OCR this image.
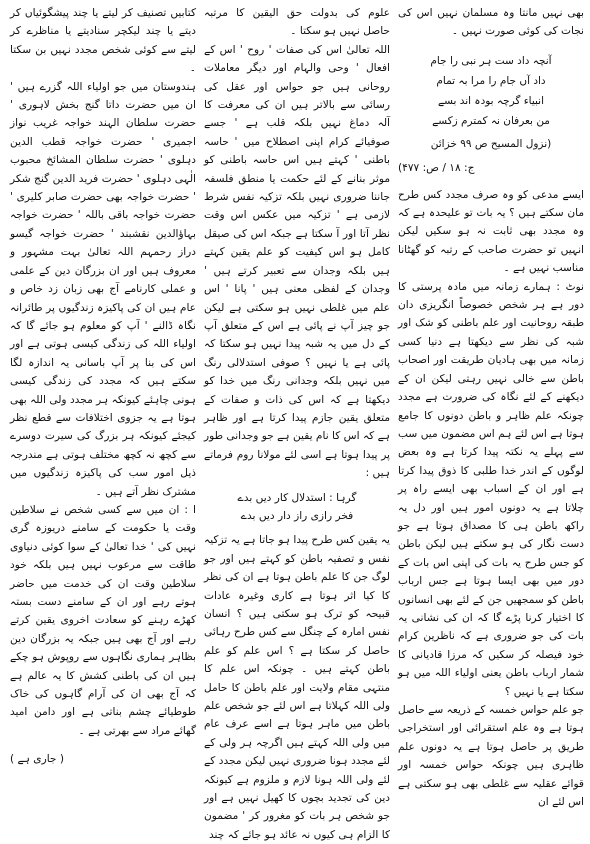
بھی نہیں مانتا وہ مسلمان نہیں اس کی نجات کی کوئی صورت نہیں ۔

آنچہ داد ست ہر نبی را جام
داد آں جام را مرا بہ تمام
انبیاء گرچہ بودہ اند بسے
من بعرفان نہ کمترم زکسے
(نزول المسیح ص ۹۹ خزائن
ج: ۱۸ / ص: ۴۷۷)

ایسے مدعی کو وہ صرف مجدد کس طرح مان سکتے ہیں ؟ یہ بات تو علیحدہ ہے کہ وہ مجدد بھی ثابت نہ ہو سکیں لیکن انہیں تو حضرت صاحب کے رتبہ کو گھٹانا مناسب نہیں ہے ۔

نوٹ : ہمارے زمانہ میں مادہ پرستی کا دور ہے ہر شخص خصوصاً انگریزی دان طبقہ روحانیت اور علم باطنی کو شک اور شبہ کی نظر سے دیکھتا ہے دنیا کسی زمانہ میں بھی ہادیان طریقت اور اصحاب باطن سے خالی نہیں رہتی لیکن ان کے دیکھنے کے لئے نگاہ کی ضرورت ہے مجدد چونکہ علم ظاہر و باطن دونوں کا جامع ہوتا ہے اس لئے ہم اس مضمون میں سب سے پہلے یہ نکتہ پیدا کرتا ہے وہ بعض لوگوں کے اندر خدا طلبی کا ذوق پیدا کرتا ہے اور ان کے اسباب بھی ایسے راہ پر چلاتا ہے یہ دونوں امور ہیں اور دل یہ راکھ باطن ہی کا مصداق ہوتا ہے جو دست نگار کی ہو سکتے ہیں لیکن باطن کو جس طرح یہ بات کی اپنی اس بات کے دور میں بھی ایسا ہوتا ہے جس ارباب باطن کو سمجھیں جن کے لئے بھی انسانوں کا اختیار کرنا پڑے گا کہ ان کی نشانی یہ بات کی جو ضروری ہے کہ ناظرین کرام خود فیصلہ کر سکیں کہ مرزا قادیانی کا شمار ارباب باطن یعنی اولیاء اللہ میں ہو سکتا ہے یا نہیں ؟

جو علم حواس خمسہ کے ذریعہ سے حاصل ہوتا ہے وہ علم استقرائی اور استخراجی طریق پر حاصل ہوتا ہے یہ دونوں علم ظاہری ہیں چونکہ حواس خمسہ اور قوائے عقلیہ سے غلطی بھی ہو سکتی ہے اس لئے ان

علوم کی بدولت حق الیقین کا مرتبہ حاصل نہیں ہو سکتا ۔

اللہ تعالیٰ اس کی صفات ' روح ' اس کے افعال ' وحی والہام اور دیگر معاملات روحانی ہیں جو حواس اور عقل کی رسائی سے بالاتر ہیں ان کی معرفت کا آلہ دماغ نہیں بلکہ قلب ہے ' جسے صوفیائے کرام اپنی اصطلاح میں ' حاسہ باطنی ' کہتے ہیں اس حاسہ باطنی کو موثر بنانے کے لئے حکمت یا منطق فلسفہ جاننا ضروری نہیں بلکہ تزکیہ نفس شرط لازمی ہے ' تزکیہ میں عکس اس وقت نظر آتا اور آ سکتا ہے جبکہ اس کی صیقل کامل ہو اس کیفیت کو علم یقین کہتے ہیں بلکہ وجدان سے تعبیر کرتے ہیں ' وجدان کے لفظی معنی ہیں ' پانا ' اس علم میں غلطی نہیں ہو سکتی ہے لیکن جو چیز آپ نے پائی ہے اس کے متعلق آپ کے دل میں یہ شبہ پیدا نہیں ہو سکتا کہ پائی ہے یا نہیں ؟ صوفی استدلالی رنگ میں نہیں بلکہ وجدانی رنگ میں خدا کو دیکھتا ہے کہ اس کی ذات و صفات کے متعلق یقین جازم پیدا کرتا ہے اور ظاہر ہے کہ اس کا نام یقین ہے جو وجدانی طور پر پیدا ہوتا ہے اسی لئے مولانا روم فرماتے ہیں :

گرہا : استدلال کار دیں بدے
فخر رازی راز دار دیں بدے

یہ یقین کس طرح پیدا ہو جاتا ہے یہ تزکیہ نفس و تصفیہ باطن کو کہتے ہیں اور جو لوگ جن کا علم باطن ہوتا ہے ان کی نظر کا کیا اثر ہوتا ہے کاری وغیرہ عادات قبیحہ کو ترک ہو سکتی ہیں ؟ انسان نفس امارہ کے چنگل سے کس طرح رہائی حاصل کر سکتا ہے ؟ اس علم کو علم باطن کہتے ہیں ۔ چونکہ اس علم کا منتہی مقام ولایت اور علم باطن کا حامل ولی اللہ کہلاتا ہے اس لئے جو شخص علم باطن میں ماہر ہوتا ہے اسے عرف عام میں ولی اللہ کہتے ہیں اگرچہ ہر ولی کے لئے مجدد ہونا ضروری نہیں لیکن مجدد کے لئے ولی اللہ ہونا لازم و ملزوم ہے کیونکہ دین کی تجدید بچوں کا کھیل نہیں ہے اور جو شخص ہر بات کو مغرور کر ' مضمون کا الزام ہی کیوں نہ عائد ہو جائے کہ چند

کتابیں تصنیف کر لیتے یا چند پیشگوئیاں کر دیتے یا چند لیکچر سنادیتے یا مناظرے کر لیتے سے کوئی شخص مجدد نہیں بن سکتا ۔

ہندوستان میں جو اولیاء اللہ گزرے ہیں ' ان میں حضرت داتا گنج بخش لاہوری ' حضرت سلطان الہند خواجہ غریب نواز اجمیری ' حضرت خواجہ قطب الدین دہلوی ' حضرت سلطان المشائخ محبوب الٰہی دہلوی ' حضرت فرید الدین گنج شکر ' حضرت خواجہ بھی حضرت صابر کلیری ' حضرت خواجہ باقی باللہ ' حضرت خواجہ بہاؤالدین نقشبند ' حضرت خواجہ گیسو دراز رحمہم اللہ تعالیٰ بہت مشہور و معروف ہیں اور ان بزرگان دین کے علمی و عملی کارنامے آج بھی زبان زد خاص و عام ہیں ان کی پاکیزہ زندگیوں پر طائرانہ نگاہ ڈالنے ' آپ کو معلوم ہو جائے گا کہ اولیاء اللہ کی زندگی کیسی ہوتی ہے اور اس کی بنا پر آپ باسانی یہ اندازہ لگا سکتے ہیں کہ مجدد کی زندگی کیسی ہونی چاہئے کیونکہ ہر مجدد ولی اللہ بھی ہوتا ہے یہ جزوی اختلافات سے قطع نظر کیجئے کیونکہ ہر بزرگ کی سیرت دوسرے سے کچھ نہ کچھ مختلف ہوتی ہے مندرجہ ذیل امور سب کی پاکیزہ زندگیوں میں مشترک نظر آتے ہیں ۔

ا : ان میں سے کسی شخص نے سلاطین وقت یا حکومت کے سامنے دریوزہ گری نہیں کی ' خدا تعالیٰ کے سوا کوئی دنیاوی طاقت سے مرعوب نہیں ہیں بلکہ خود سلاطین وقت ان کی خدمت میں حاضر ہوتے رہے اور ان کے سامنے دست بستہ کھڑے رہنے کو سعادت اخروی یقین کرتے رہے اور آج بھی ہیں جبکہ یہ بزرگان دین بظاہر ہماری نگاہوں سے روپوش ہو چکے ہیں ان کی باطنی کشش کا یہ عالم ہے کہ آج بھی ان کی آرام گاہوں کی خاک طوطیائے چشم بناتی ہے اور دامن امید گھائے مراد سے بھرتی ہے ۔

( جاری ہے )
